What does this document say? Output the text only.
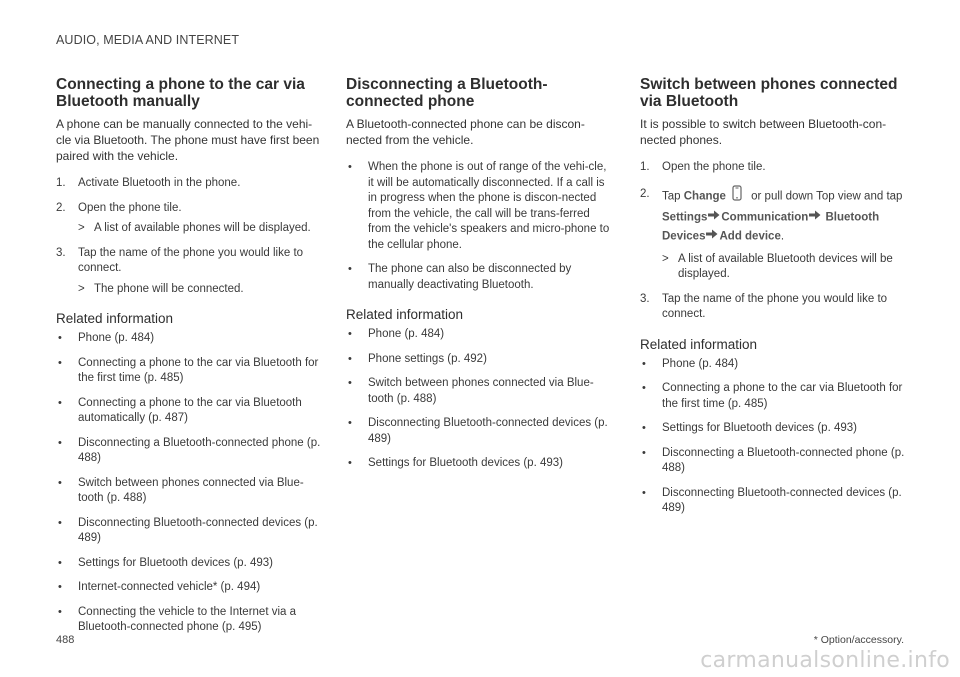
AUDIO, MEDIA AND INTERNET
Connecting a phone to the car via Bluetooth manually

A phone can be manually connected to the vehi-cle via Bluetooth. The phone must have first been paired with the vehicle.

1. Activate Bluetooth in the phone.
2. Open the phone tile.
> A list of available phones will be displayed.
3. Tap the name of the phone you would like to connect.
> The phone will be connected.
Related information
• Phone (p. 484)
• Connecting a phone to the car via Bluetooth for the first time (p. 485)
• Connecting a phone to the car via Bluetooth automatically (p. 487)
• Disconnecting a Bluetooth-connected phone (p. 488)
• Switch between phones connected via Blue-tooth (p. 488)
• Disconnecting Bluetooth-connected devices (p. 489)
• Settings for Bluetooth devices (p. 493)
• Internet-connected vehicle* (p. 494)
• Connecting the vehicle to the Internet via a Bluetooth-connected phone (p. 495)
Disconnecting a Bluetooth-connected phone

A Bluetooth-connected phone can be discon-nected from the vehicle.

• When the phone is out of range of the vehi-cle, it will be automatically disconnected. If a call is in progress when the phone is discon-nected from the vehicle, the call will be trans-ferred from the vehicle's speakers and micro-phone to the cellular phone.
• The phone can also be disconnected by manually deactivating Bluetooth.
Related information
• Phone (p. 484)
• Phone settings (p. 492)
• Switch between phones connected via Blue-tooth (p. 488)
• Disconnecting Bluetooth-connected devices (p. 489)
• Settings for Bluetooth devices (p. 493)
Switch between phones connected via Bluetooth

It is possible to switch between Bluetooth-con-nected phones.

1. Open the phone tile.
2. Tap Change or pull down Top view and tap Settings Communication Bluetooth Devices Add device.
> A list of available Bluetooth devices will be displayed.
3. Tap the name of the phone you would like to connect.
Related information
• Phone (p. 484)
• Connecting a phone to the car via Bluetooth for the first time (p. 485)
• Settings for Bluetooth devices (p. 493)
• Disconnecting a Bluetooth-connected phone (p. 488)
• Disconnecting Bluetooth-connected devices (p. 489)
488	* Option/accessory.
carmanualsonline.info
